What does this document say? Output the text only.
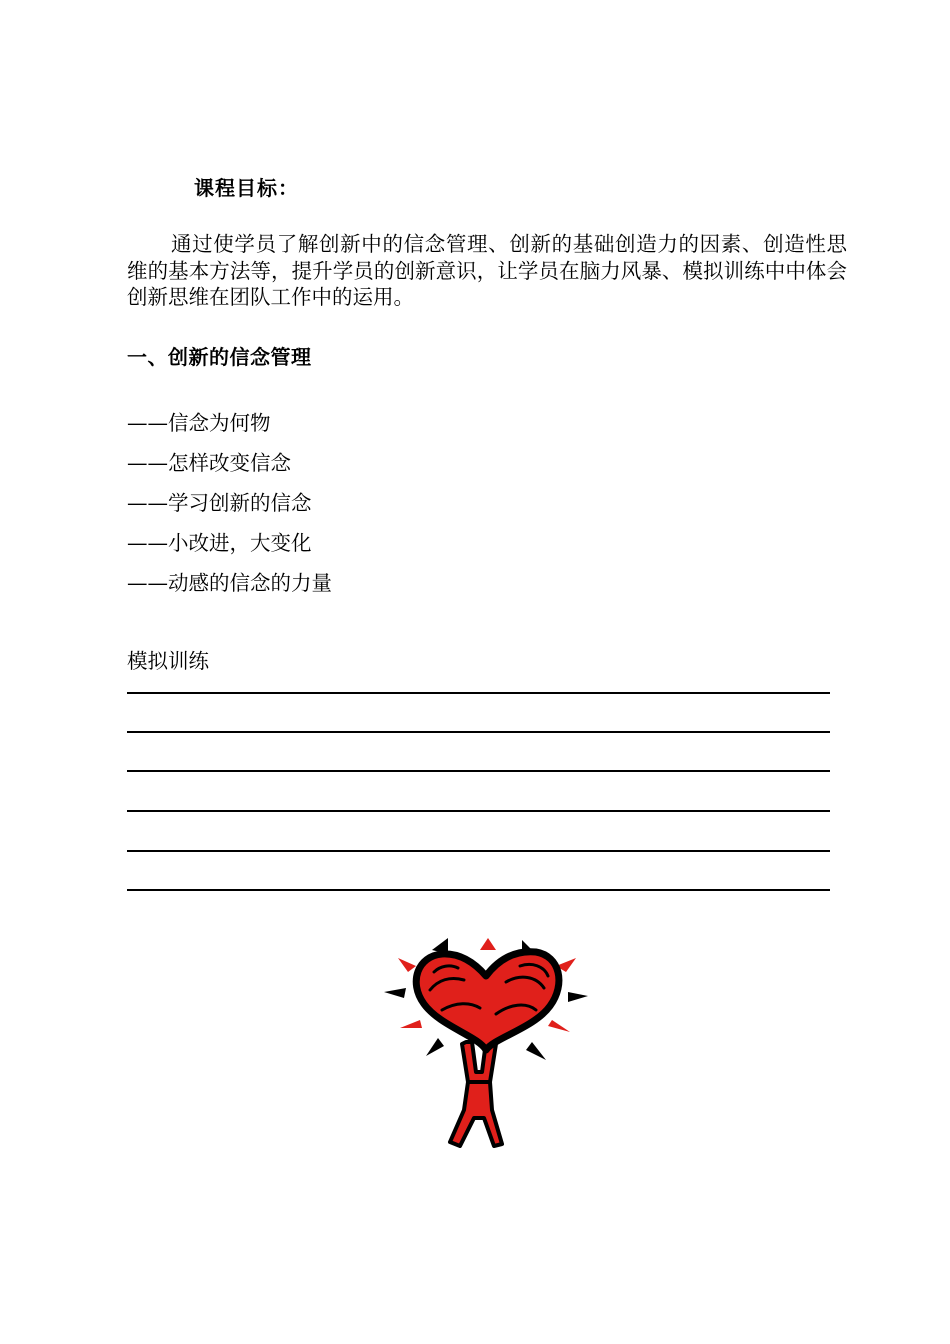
课程目标：
通过使学员了解创新中的信念管理、创新的基础创造力的因素、创造性思维的基本方法等，提升学员的创新意识，让学员在脑力风暴、模拟训练中中体会创新思维在团队工作中的运用。
一、创新的信念管理
——信念为何物
——怎样改变信念
——学习创新的信念
——小改进，大变化
——动感的信念的力量
模拟训练
